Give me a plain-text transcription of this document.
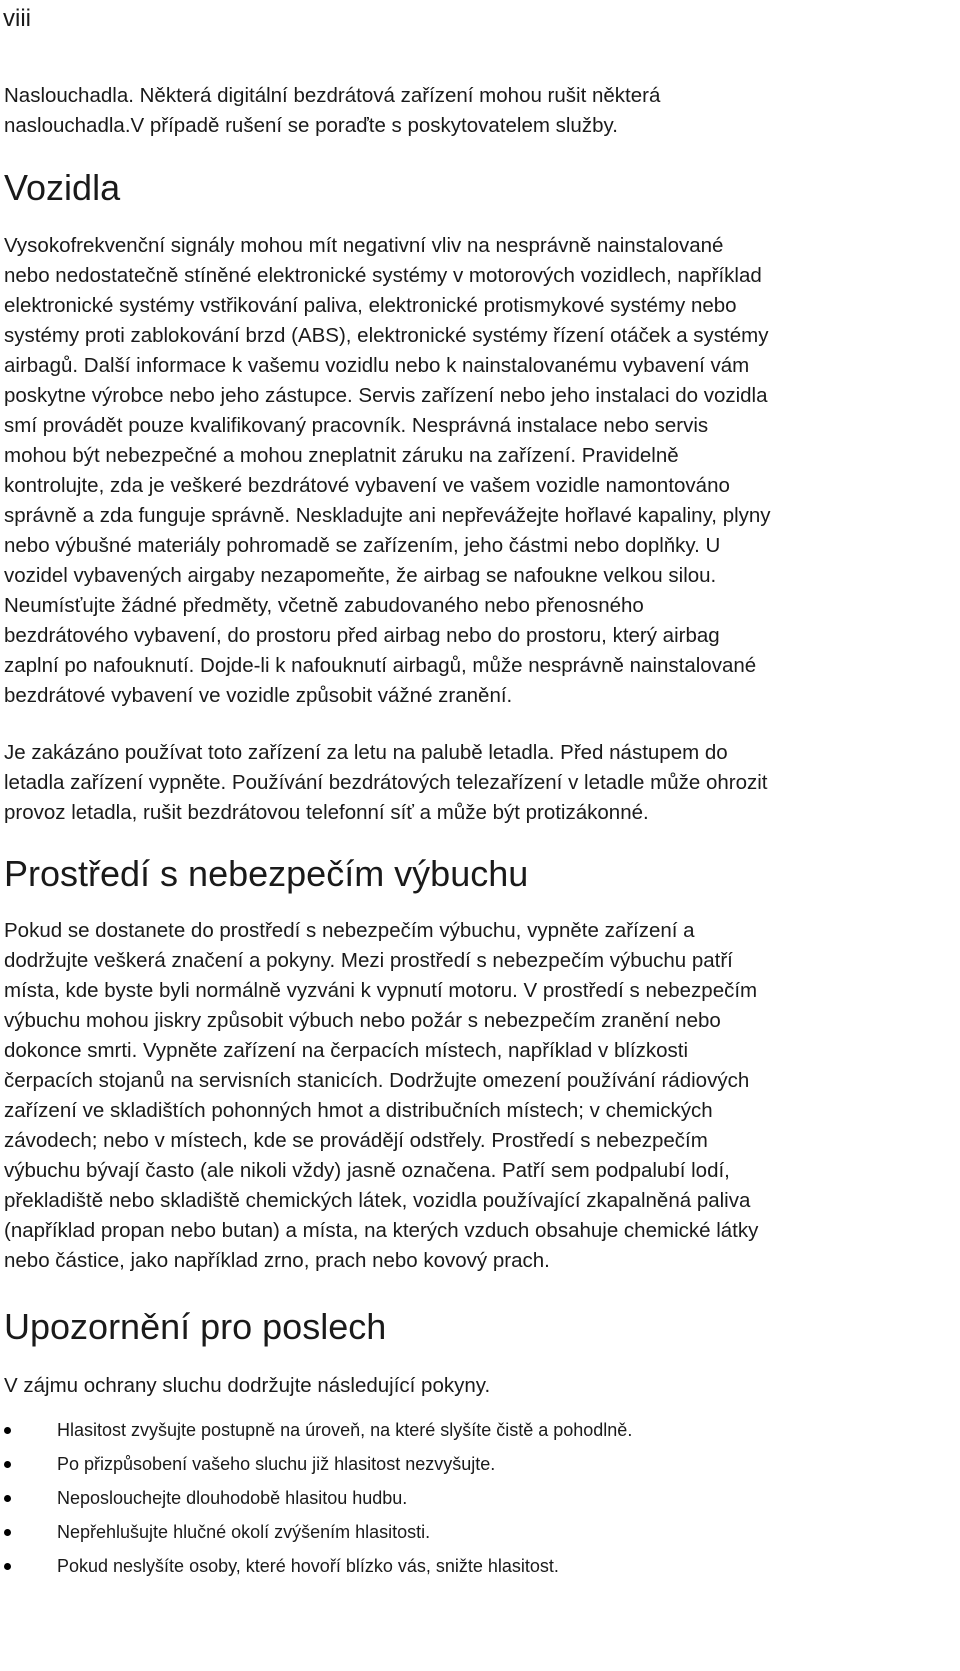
viii

Naslouchadla. Některá digitální bezdrátová zařízení mohou rušit některá
naslouchadla.V případě rušení se poraďte s poskytovatelem služby.

Vozidla

Vysokofrekvenční signály mohou mít negativní vliv na nesprávně nainstalované
nebo nedostatečně stíněné elektronické systémy v motorových vozidlech, například
elektronické systémy vstřikování paliva, elektronické protismykové systémy nebo
systémy proti zablokování brzd (ABS), elektronické systémy řízení otáček a systémy
airbagů. Další informace k vašemu vozidlu nebo k nainstalovanému vybavení vám
poskytne výrobce nebo jeho zástupce. Servis zařízení nebo jeho instalaci do vozidla
smí provádět pouze kvalifikovaný pracovník. Nesprávná instalace nebo servis
mohou být nebezpečné a mohou zneplatnit záruku na zařízení. Pravidelně
kontrolujte, zda je veškeré bezdrátové vybavení ve vašem vozidle namontováno
správně a zda funguje správně. Neskladujte ani nepřevážejte hořlavé kapaliny, plyny
nebo výbušné materiály pohromadě se zařízením, jeho částmi nebo doplňky. U
vozidel vybavených airgaby nezapomeňte, že airbag se nafoukne velkou silou.
Neumísťujte žádné předměty, včetně zabudovaného nebo přenosného
bezdrátového vybavení, do prostoru před airbag nebo do prostoru, který airbag
zaplní po nafouknutí. Dojde-li k nafouknutí airbagů, může nesprávně nainstalované
bezdrátové vybavení ve vozidle způsobit vážné zranění.

Je zakázáno používat toto zařízení za letu na palubě letadla. Před nástupem do
letadla zařízení vypněte. Používání bezdrátových telezařízení v letadle může ohrozit
provoz letadla, rušit bezdrátovou telefonní síť a může být protizákonné.

Prostředí s nebezpečím výbuchu

Pokud se dostanete do prostředí s nebezpečím výbuchu, vypněte zařízení a
dodržujte veškerá značení a pokyny. Mezi prostředí s nebezpečím výbuchu patří
místa, kde byste byli normálně vyzváni k vypnutí motoru. V prostředí s nebezpečím
výbuchu mohou jiskry způsobit výbuch nebo požár s nebezpečím zranění nebo
dokonce smrti. Vypněte zařízení na čerpacích místech, například v blízkosti
čerpacích stojanů na servisních stanicích. Dodržujte omezení používání rádiových
zařízení ve skladištích pohonných hmot a distribučních místech; v chemických
závodech; nebo v místech, kde se provádějí odstřely. Prostředí s nebezpečím
výbuchu bývají často (ale nikoli vždy) jasně označena. Patří sem podpalubí lodí,
překladiště nebo skladiště chemických látek, vozidla používající zkapalněná paliva
(například propan nebo butan) a místa, na kterých vzduch obsahuje chemické látky
nebo částice, jako například zrno, prach nebo kovový prach.

Upozornění pro poslech

V zájmu ochrany sluchu dodržujte následující pokyny.

Hlasitost zvyšujte postupně na úroveň, na které slyšíte čistě a pohodlně.
Po přizpůsobení vašeho sluchu již hlasitost nezvyšujte.
Neposlouchejte dlouhodobě hlasitou hudbu.
Nepřehlušujte hlučné okolí zvýšením hlasitosti.
Pokud neslyšíte osoby, které hovoří blízko vás, snižte hlasitost.
